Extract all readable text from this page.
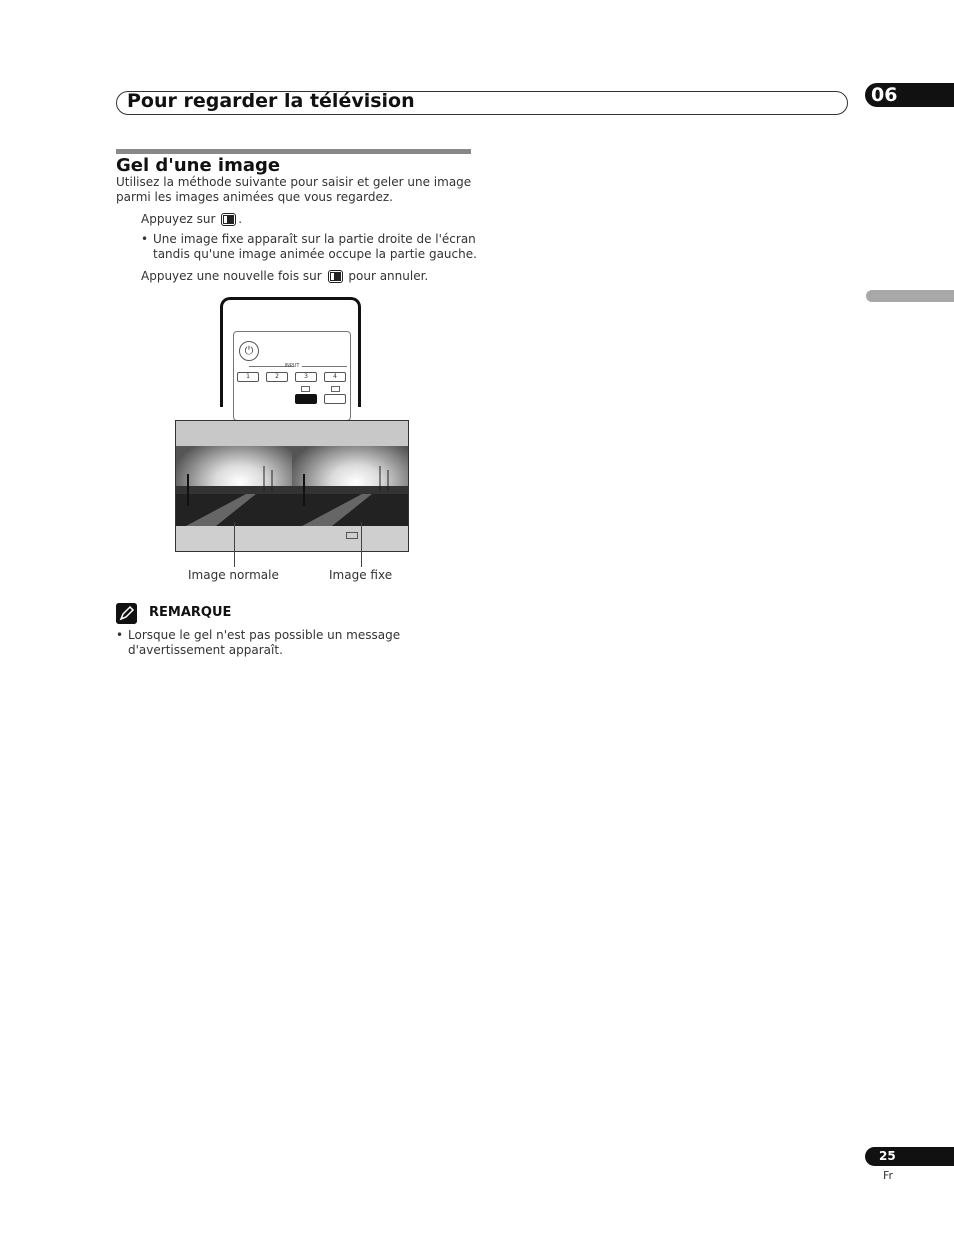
Pour regarder la télévision	06
Gel d'une image
Utilisez la méthode suivante pour saisir et geler une image
parmi les images animées que vous regardez.
Appuyez sur .
• Une image fixe apparaît sur la partie droite de l'écran
tandis qu'une image animée occupe la partie gauche.
Appuyez une nouvelle fois sur pour annuler.
⏻
INPUT
1	2	3	4
Image normale	Image fixe
REMARQUE
• Lorsque le gel n'est pas possible un message
d'avertissement apparaît.
25
Fr
